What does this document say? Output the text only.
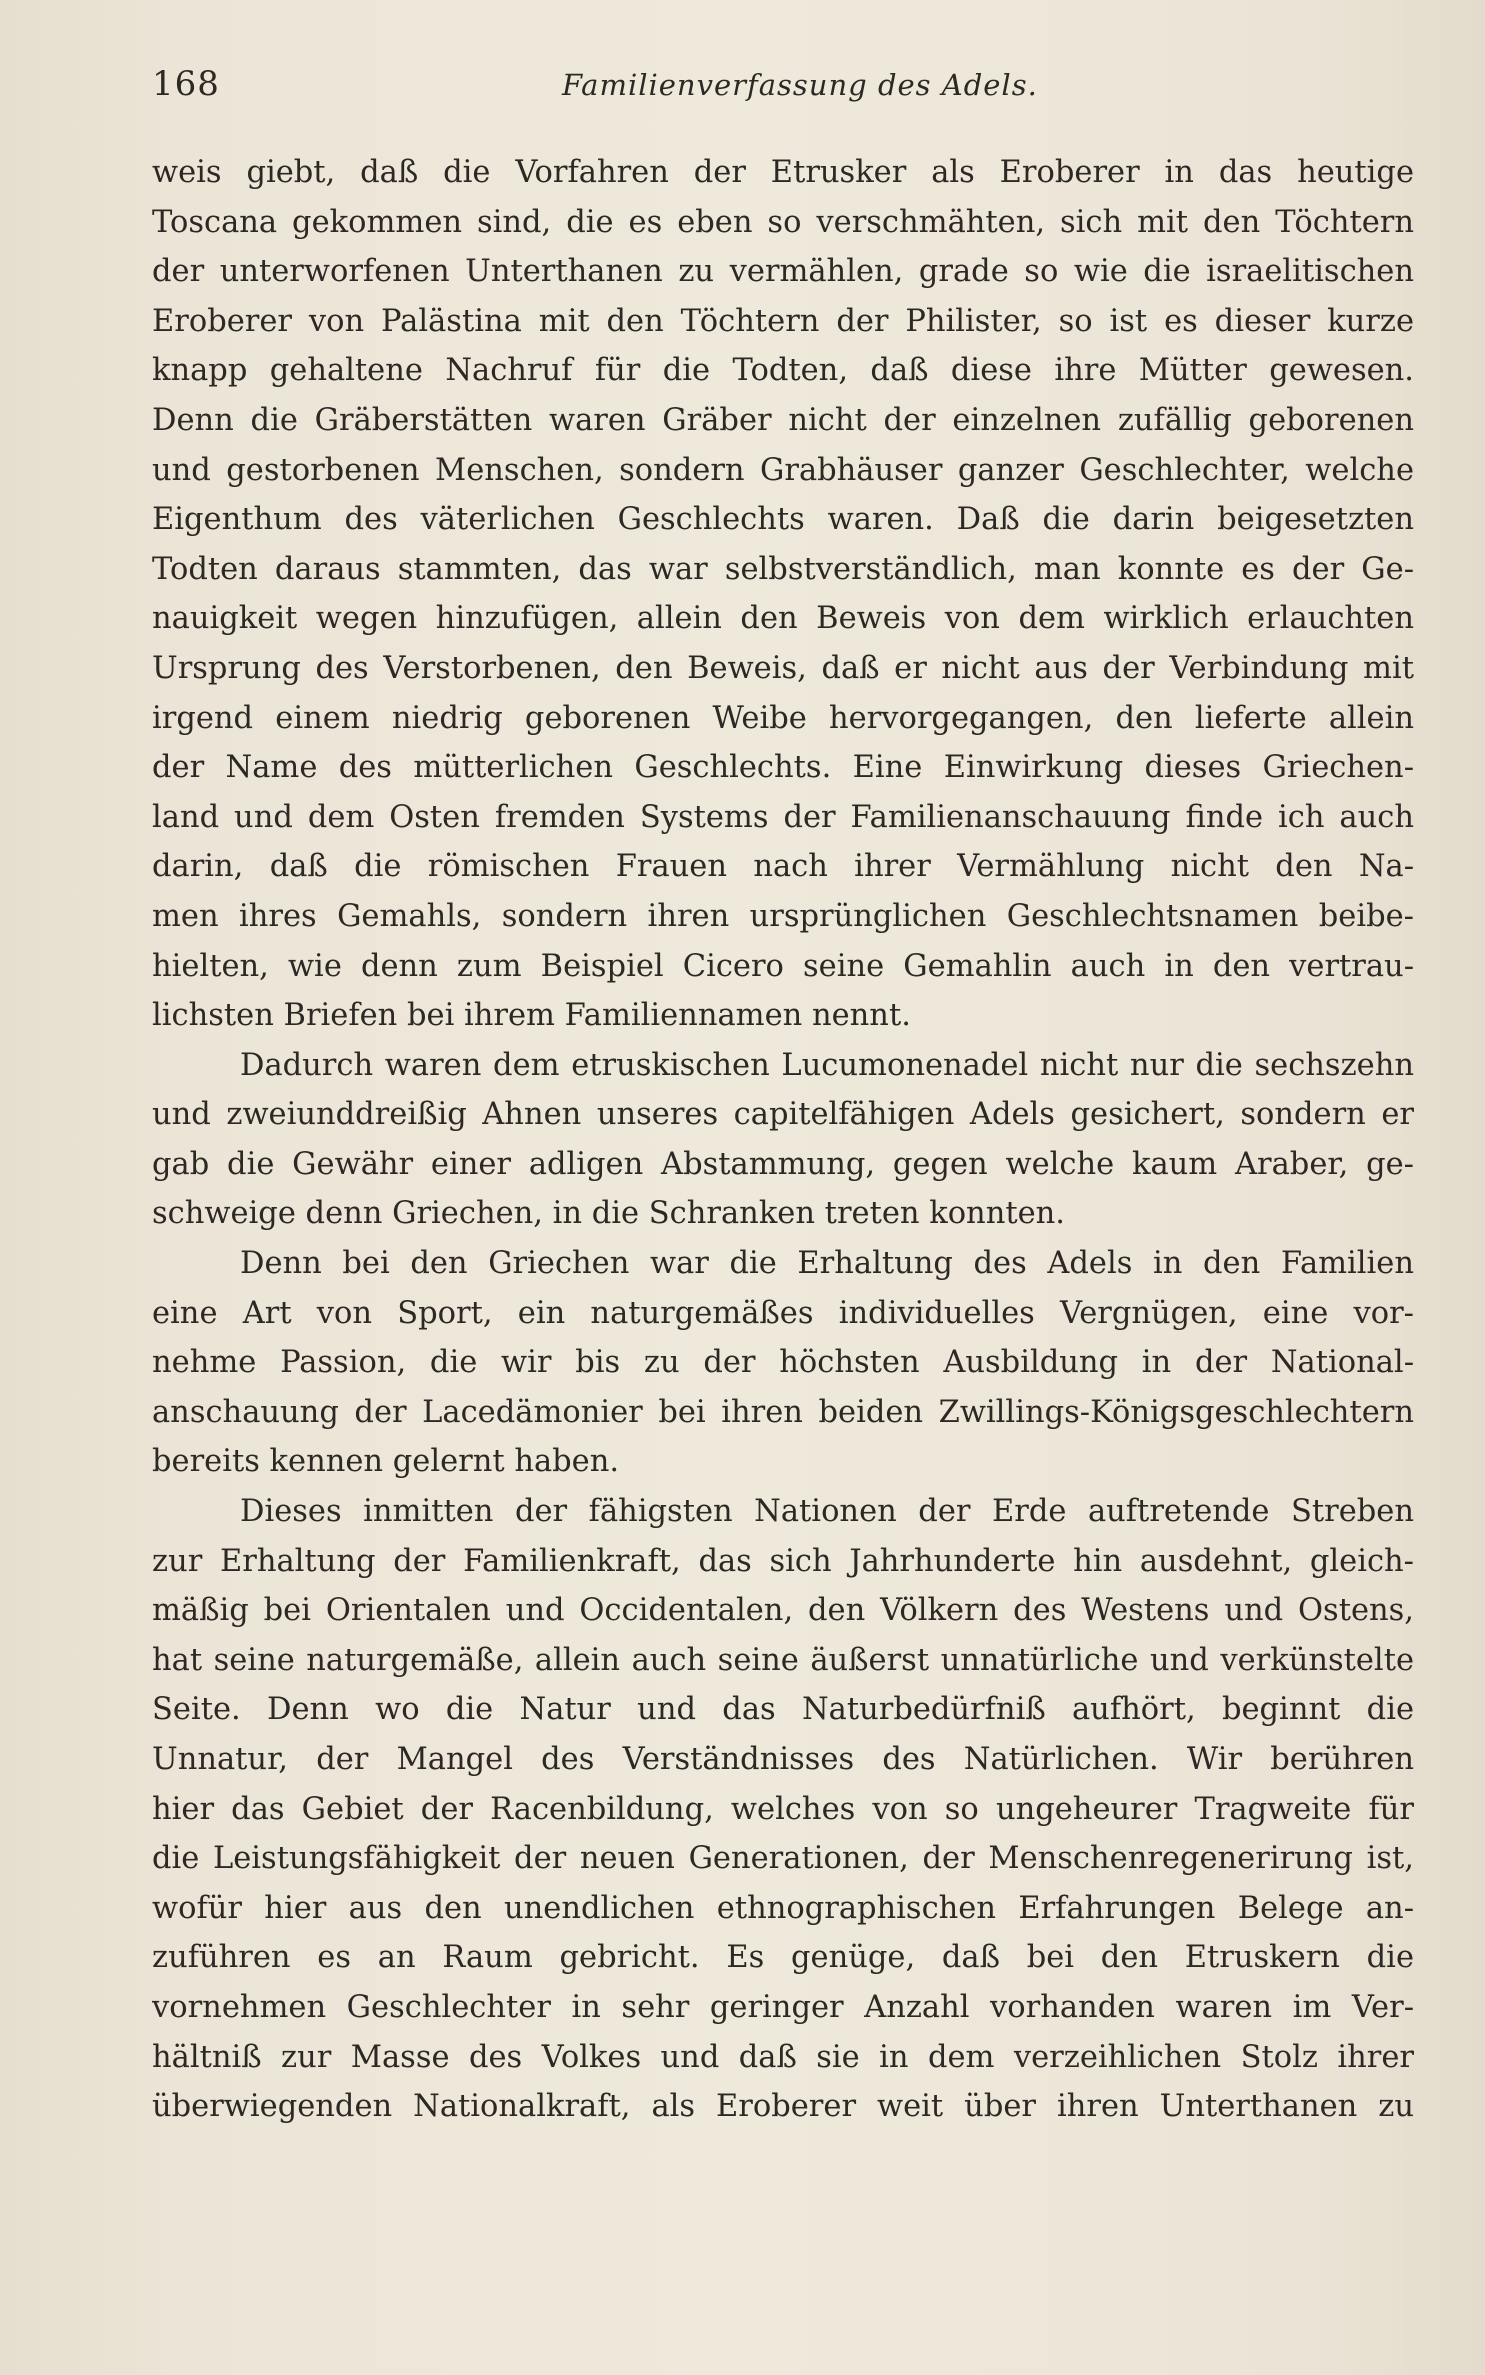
168	Familienverfassung des Adels.
weis giebt, daß die Vorfahren der Etrusker als Eroberer in das heutige
Toscana gekommen sind, die es eben so verschmähten, sich mit den Töchtern
der unterworfenen Unterthanen zu vermählen, grade so wie die israelitischen
Eroberer von Palästina mit den Töchtern der Philister, so ist es dieser kurze
knapp gehaltene Nachruf für die Todten, daß diese ihre Mütter gewesen.
Denn die Gräberstätten waren Gräber nicht der einzelnen zufällig geborenen
und gestorbenen Menschen, sondern Grabhäuser ganzer Geschlechter, welche
Eigenthum des väterlichen Geschlechts waren. Daß die darin beigesetzten
Todten daraus stammten, das war selbstverständlich, man konnte es der Ge-
nauigkeit wegen hinzufügen, allein den Beweis von dem wirklich erlauchten
Ursprung des Verstorbenen, den Beweis, daß er nicht aus der Verbindung mit
irgend einem niedrig geborenen Weibe hervorgegangen, den lieferte allein
der Name des mütterlichen Geschlechts. Eine Einwirkung dieses Griechen-
land und dem Osten fremden Systems der Familienanschauung finde ich auch
darin, daß die römischen Frauen nach ihrer Vermählung nicht den Na-
men ihres Gemahls, sondern ihren ursprünglichen Geschlechtsnamen beibe-
hielten, wie denn zum Beispiel Cicero seine Gemahlin auch in den vertrau-
lichsten Briefen bei ihrem Familiennamen nennt.
Dadurch waren dem etruskischen Lucumonenadel nicht nur die sechszehn
und zweiunddreißig Ahnen unseres capitelfähigen Adels gesichert, sondern er
gab die Gewähr einer adligen Abstammung, gegen welche kaum Araber, ge-
schweige denn Griechen, in die Schranken treten konnten.
Denn bei den Griechen war die Erhaltung des Adels in den Familien
eine Art von Sport, ein naturgemäßes individuelles Vergnügen, eine vor-
nehme Passion, die wir bis zu der höchsten Ausbildung in der National-
anschauung der Lacedämonier bei ihren beiden Zwillings-Königsgeschlechtern
bereits kennen gelernt haben.
Dieses inmitten der fähigsten Nationen der Erde auftretende Streben
zur Erhaltung der Familienkraft, das sich Jahrhunderte hin ausdehnt, gleich-
mäßig bei Orientalen und Occidentalen, den Völkern des Westens und Ostens,
hat seine naturgemäße, allein auch seine äußerst unnatürliche und verkünstelte
Seite. Denn wo die Natur und das Naturbedürfniß aufhört, beginnt die
Unnatur, der Mangel des Verständnisses des Natürlichen. Wir berühren
hier das Gebiet der Racenbildung, welches von so ungeheurer Tragweite für
die Leistungsfähigkeit der neuen Generationen, der Menschenregenerirung ist,
wofür hier aus den unendlichen ethnographischen Erfahrungen Belege an-
zuführen es an Raum gebricht. Es genüge, daß bei den Etruskern die
vornehmen Geschlechter in sehr geringer Anzahl vorhanden waren im Ver-
hältniß zur Masse des Volkes und daß sie in dem verzeihlichen Stolz ihrer
überwiegenden Nationalkraft, als Eroberer weit über ihren Unterthanen zu
